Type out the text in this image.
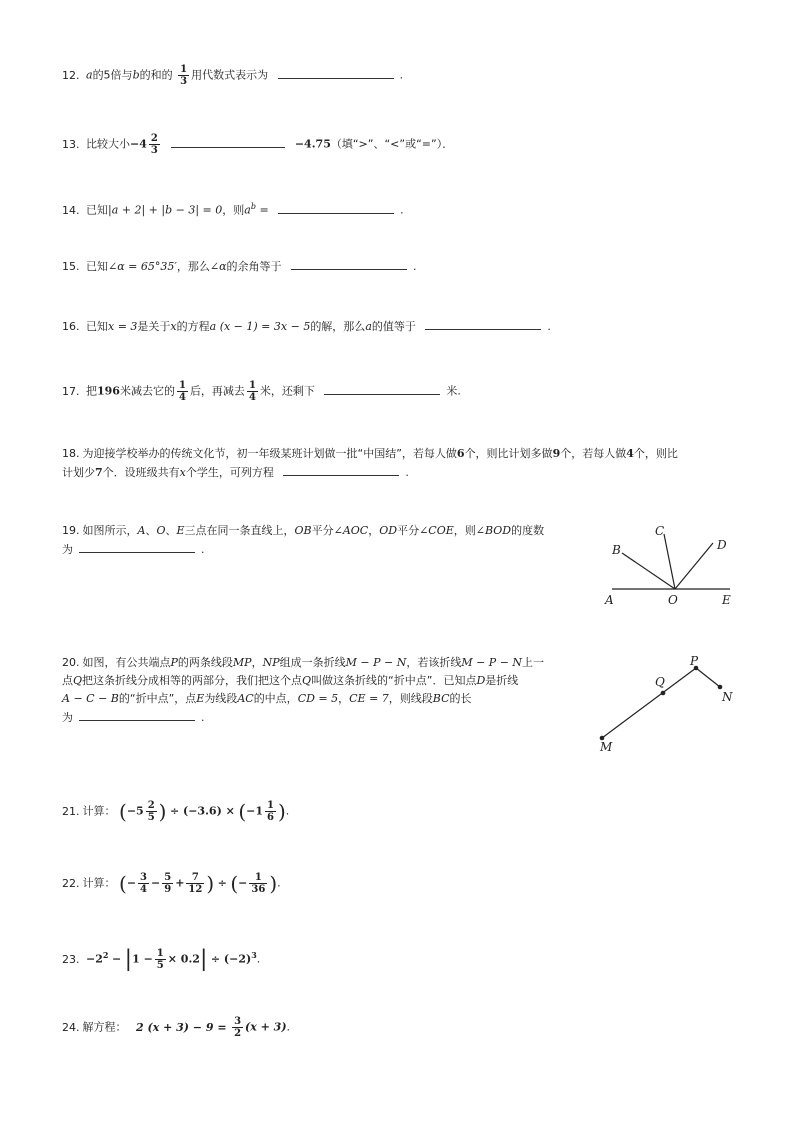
12. a的5倍与b的和的 $\frac{1}{3}$ 用代数式表示为	.
13. 比较大小$-4 \frac{2}{3}$	−4.75（填“>”、“<”或“=”）．
14. 已知|a + 2| + |b − 3| = 0，则$a^b$ =	.
15. 已知∠α = 65°35′，那么∠α的余角等于	.
16. 已知x = 3是关于x的方程a (x − 1) = 3x − 5的解，那么a的值等于	.
17. 把196米减去它的 $\frac{1}{4}$ 后，再减去 $\frac{1}{4}$ 米，还剩下	米.
18. 为迎接学校举办的传统文化节，初一年级某班计划做一批“中国结”，若每人做6个，则比计划多做9个，若每人做4个，则比
计划少7个．设班级共有x个学生，可列方程	.
19. 如图所示，A、O、E三点在同一条直线上，OB平分∠AOC，OD平分∠COE，则∠BOD的度数
为	.
A	O	E
B
C
D
20. 如图，有公共端点P的两条线段MP，NP组成一条折线M − P − N，若该折线M − P − N上一
点Q把这条折线分成相等的两部分，我们把这个点Q叫做这条折线的“折中点”．已知点D是折线
A − C − B的“折中点”，点E为线段AC的中点，CD = 5，CE = 7，则线段BC的长
为	.
P
Q
N
M
21. 计算： ($-5 \frac{2}{5}$ ) ÷ $(-3.6) \times (-1 \frac{1}{6}$ ).
22. 计算： (− $\frac{3}{4} - \frac{5}{9} + \frac{7}{12}$ ) ÷ (− $\frac{1}{36}$ ).
23. $-2^2 - |1 - \frac{1}{5} \times 0.2| \div (-2)^3$.
24. 解方程： 2 $(x + 3) - 9 = \frac{3}{2} (x + 3)$.
